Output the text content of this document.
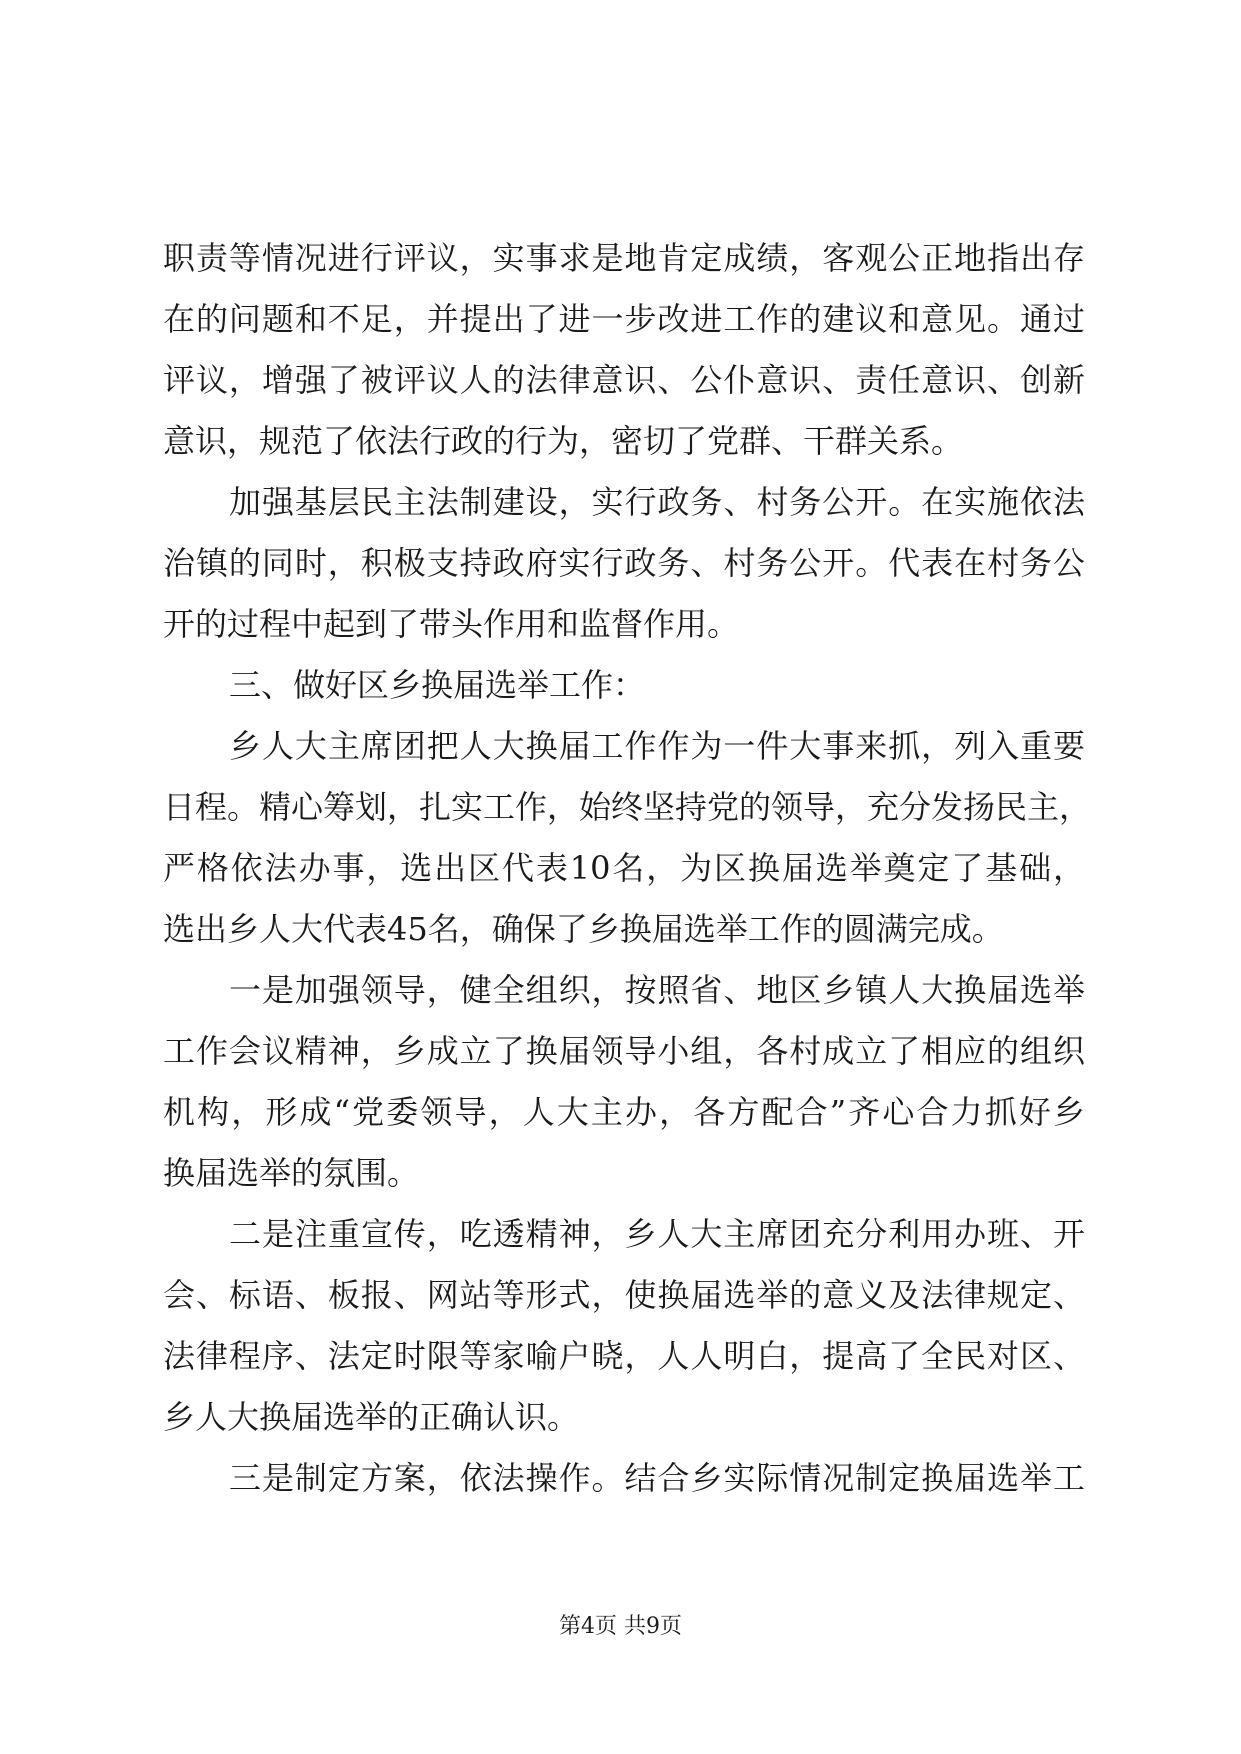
职责等情况进行评议，实事求是地肯定成绩，客观公正地指出存
在的问题和不足，并提出了进一步改进工作的建议和意见。通过
评议，增强了被评议人的法律意识、公仆意识、责任意识、创新
意识，规范了依法行政的行为，密切了党群、干群关系。
加强基层民主法制建设，实行政务、村务公开。在实施依法
治镇的同时，积极支持政府实行政务、村务公开。代表在村务公
开的过程中起到了带头作用和监督作用。
三、做好区乡换届选举工作：
乡人大主席团把人大换届工作作为一件大事来抓，列入重要
日程。精心筹划，扎实工作，始终坚持党的领导，充分发扬民主，
严格依法办事，选出区代表10名，为区换届选举奠定了基础，
选出乡人大代表45名，确保了乡换届选举工作的圆满完成。
一是加强领导，健全组织，按照省、地区乡镇人大换届选举
工作会议精神，乡成立了换届领导小组，各村成立了相应的组织
机构，形成“党委领导，人大主办，各方配合”齐心合力抓好乡
换届选举的氛围。
二是注重宣传，吃透精神，乡人大主席团充分利用办班、开
会、标语、板报、网站等形式，使换届选举的意义及法律规定、
法律程序、法定时限等家喻户晓，人人明白，提高了全民对区、
乡人大换届选举的正确认识。
三是制定方案，依法操作。结合乡实际情况制定换届选举工
第4页 共9页
